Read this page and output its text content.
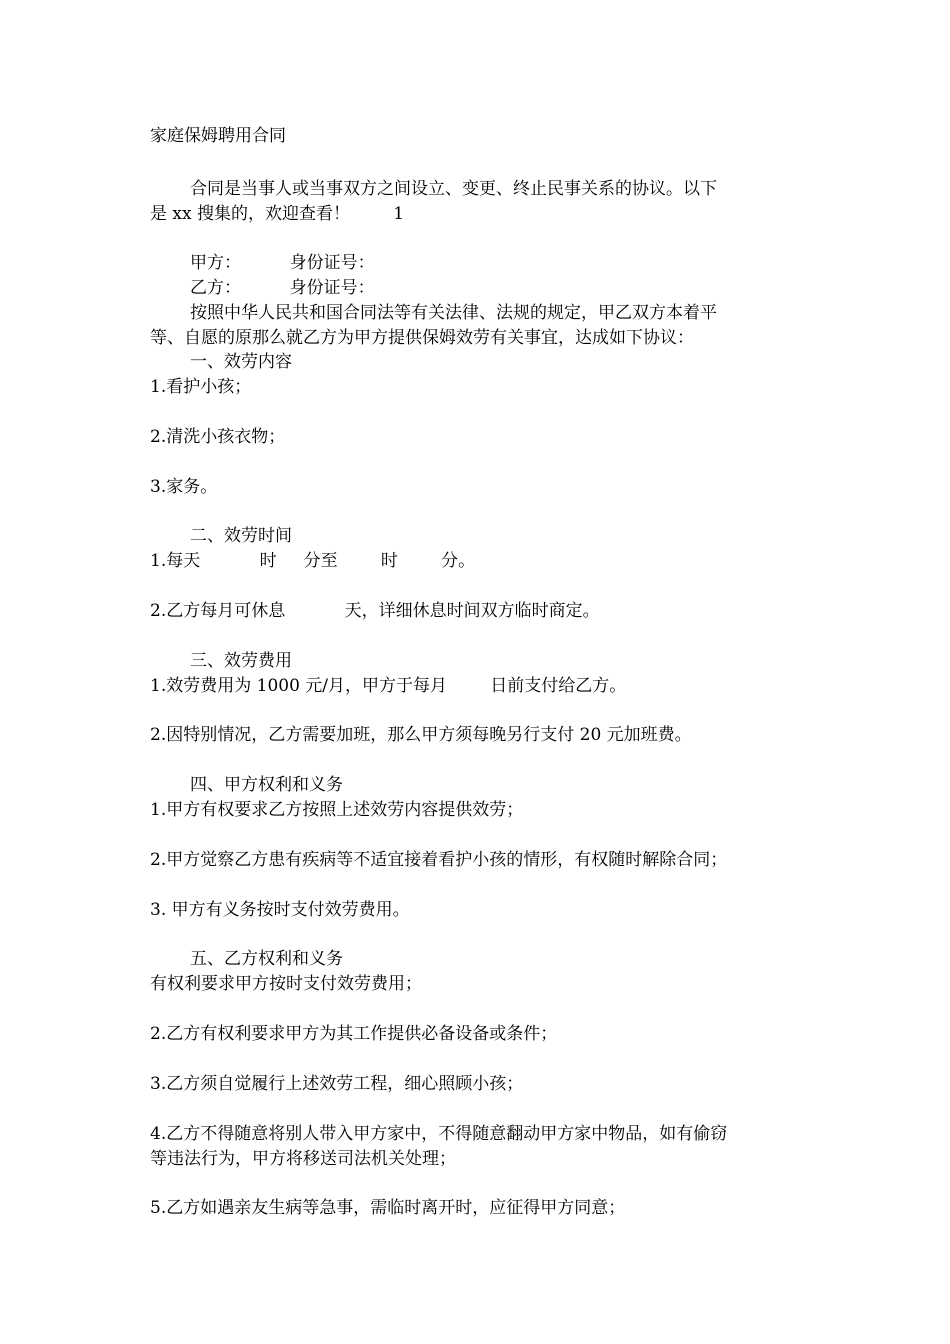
家庭保姆聘用合同
合同是当事人或当事双方之间设立、变更、终止民事关系的协议。以下
是 xx 搜集的，欢迎查看！        1
甲方：         身份证号：
乙方：         身份证号：
按照中华人民共和国合同法等有关法律、法规的规定，甲乙双方本着平
等、自愿的原那么就乙方为甲方提供保姆效劳有关事宜，达成如下协议：
一、效劳内容
1.看护小孩；
2.清洗小孩衣物；
3.家务。
二、效劳时间
1.每天           时     分至        时        分。
2.乙方每月可休息           天，详细休息时间双方临时商定。
三、效劳费用
1.效劳费用为 1000 元/月，甲方于每月        日前支付给乙方。
2.因特别情况，乙方需要加班，那么甲方须每晚另行支付 20 元加班费。
四、甲方权利和义务
1.甲方有权要求乙方按照上述效劳内容提供效劳；
2.甲方觉察乙方患有疾病等不适宜接着看护小孩的情形，有权随时解除合同；
3. 甲方有义务按时支付效劳费用。
五、乙方权利和义务
有权利要求甲方按时支付效劳费用；
2.乙方有权利要求甲方为其工作提供必备设备或条件；
3.乙方须自觉履行上述效劳工程，细心照顾小孩；
4.乙方不得随意将别人带入甲方家中，不得随意翻动甲方家中物品，如有偷窃
等违法行为，甲方将移送司法机关处理；
5.乙方如遇亲友生病等急事，需临时离开时，应征得甲方同意；
